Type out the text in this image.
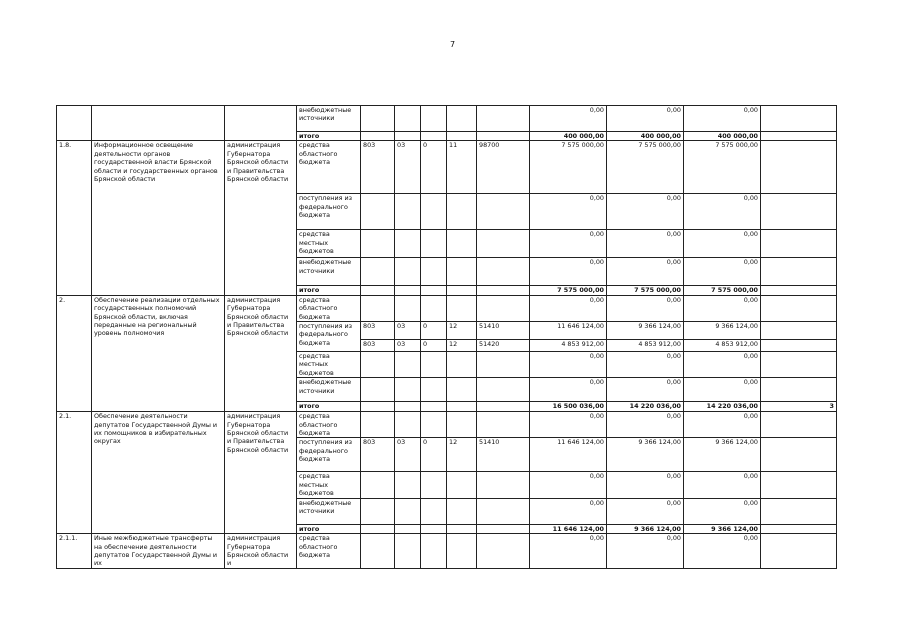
7
			внебюджетные источники						0,00	0,00	0,00	
			итого						400 000,00	400 000,00	400 000,00	
1.8.	Информационное освещение деятельности органов государственной власти Брянской области и государственных органов Брянской области	администрация Губернатора Брянской области и Правительства Брянской области	средства областного бюджета	803	03	0	11	98700	7 575 000,00	7 575 000,00	7 575 000,00	
			поступления из федерального бюджета						0,00	0,00	0,00	
			средства местных бюджетов						0,00	0,00	0,00	
			внебюджетные источники						0,00	0,00	0,00	
			итого						7 575 000,00	7 575 000,00	7 575 000,00	
2.	Обеспечение реализации отдельных государственных полномочий Брянской области, включая переданные на региональный уровень полномочия	администрация Губернатора Брянской области и Правительства Брянской области	средства областного бюджета						0,00	0,00	0,00	
			поступления из федерального бюджета	803	03	0	12	51410	11 646 124,00	9 366 124,00	9 366 124,00	
				803	03	0	12	51420	4 853 912,00	4 853 912,00	4 853 912,00	
			средства местных бюджетов						0,00	0,00	0,00	
			внебюджетные источники						0,00	0,00	0,00	
			итого						16 500 036,00	14 220 036,00	14 220 036,00	3
2.1.	Обеспечение деятельности депутатов Государственной Думы и их помощников в избирательных округах	администрация Губернатора Брянской области и Правительства Брянской области	средства областного бюджета						0,00	0,00	0,00	
			поступления из федерального бюджета	803	03	0	12	51410	11 646 124,00	9 366 124,00	9 366 124,00	
			средства местных бюджетов						0,00	0,00	0,00	
			внебюджетные источники						0,00	0,00	0,00	
			итого						11 646 124,00	9 366 124,00	9 366 124,00	
2.1.1.	Иные межбюджетные трансферты на обеспечение деятельности депутатов Государственной Думы и их	администрация Губернатора Брянской области и	средства областного бюджета						0,00	0,00	0,00	
